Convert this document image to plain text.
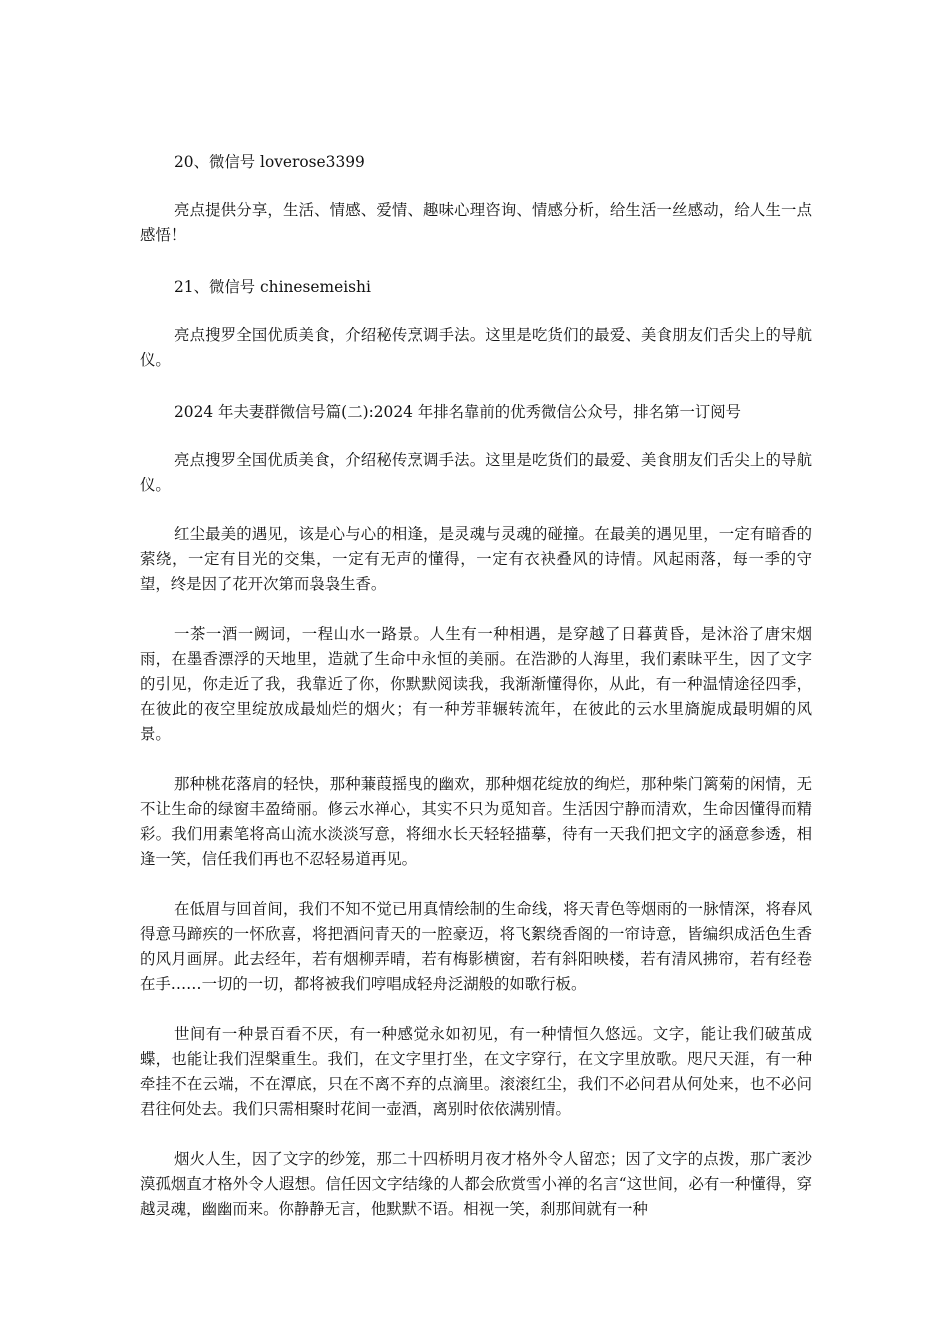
20、微信号 loverose3399

亮点提供分享，生活、情感、爱情、趣味心理咨询、情感分析，给生活一丝感动，给人生一点感悟！

21、微信号 chinesemeishi

亮点搜罗全国优质美食，介绍秘传烹调手法。这里是吃货们的最爱、美食朋友们舌尖上的导航仪。

2024 年夫妻群微信号篇(二):2024 年排名靠前的优秀微信公众号，排名第一订阅号

亮点搜罗全国优质美食，介绍秘传烹调手法。这里是吃货们的最爱、美食朋友们舌尖上的导航仪。

红尘最美的遇见，该是心与心的相逢，是灵魂与灵魂的碰撞。在最美的遇见里，一定有暗香的萦绕，一定有目光的交集，一定有无声的懂得，一定有衣袂叠风的诗情。风起雨落，每一季的守望，终是因了花开次第而袅袅生香。

一茶一酒一阙词，一程山水一路景。人生有一种相遇，是穿越了日暮黄昏，是沐浴了唐宋烟雨，在墨香漂浮的天地里，造就了生命中永恒的美丽。在浩渺的人海里，我们素昧平生，因了文字的引见，你走近了我，我靠近了你，你默默阅读我，我渐渐懂得你，从此，有一种温情途径四季，在彼此的夜空里绽放成最灿烂的烟火；有一种芳菲辗转流年，在彼此的云水里旖旎成最明媚的风景。

那种桃花落肩的轻快，那种蒹葭摇曳的幽欢，那种烟花绽放的绚烂，那种柴门篱菊的闲情，无不让生命的绿窗丰盈绮丽。修云水禅心，其实不只为觅知音。生活因宁静而清欢，生命因懂得而精彩。我们用素笔将高山流水淡淡写意，将细水长天轻轻描摹，待有一天我们把文字的涵意参透，相逢一笑，信任我们再也不忍轻易道再见。

在低眉与回首间，我们不知不觉已用真情绘制的生命线，将天青色等烟雨的一脉情深，将春风得意马蹄疾的一怀欣喜，将把酒问青天的一腔豪迈，将飞絮绕香阁的一帘诗意，皆编织成活色生香的风月画屏。此去经年，若有烟柳弄晴，若有梅影横窗，若有斜阳映楼，若有清风拂帘，若有经卷在手……一切的一切，都将被我们哼唱成轻舟泛湖般的如歌行板。

世间有一种景百看不厌，有一种感觉永如初见，有一种情恒久悠远。文字，能让我们破茧成蝶，也能让我们涅槃重生。我们，在文字里打坐，在文字穿行，在文字里放歌。咫尺天涯，有一种牵挂不在云端，不在潭底，只在不离不弃的点滴里。滚滚红尘，我们不必问君从何处来，也不必问君往何处去。我们只需相聚时花间一壶酒，离别时依依满别情。

烟火人生，因了文字的纱笼，那二十四桥明月夜才格外令人留恋；因了文字的点拨，那广袤沙漠孤烟直才格外令人遐想。信任因文字结缘的人都会欣赏雪小禅的名言“这世间，必有一种懂得，穿越灵魂，幽幽而来。你静静无言，他默默不语。相视一笑，刹那间就有一种
